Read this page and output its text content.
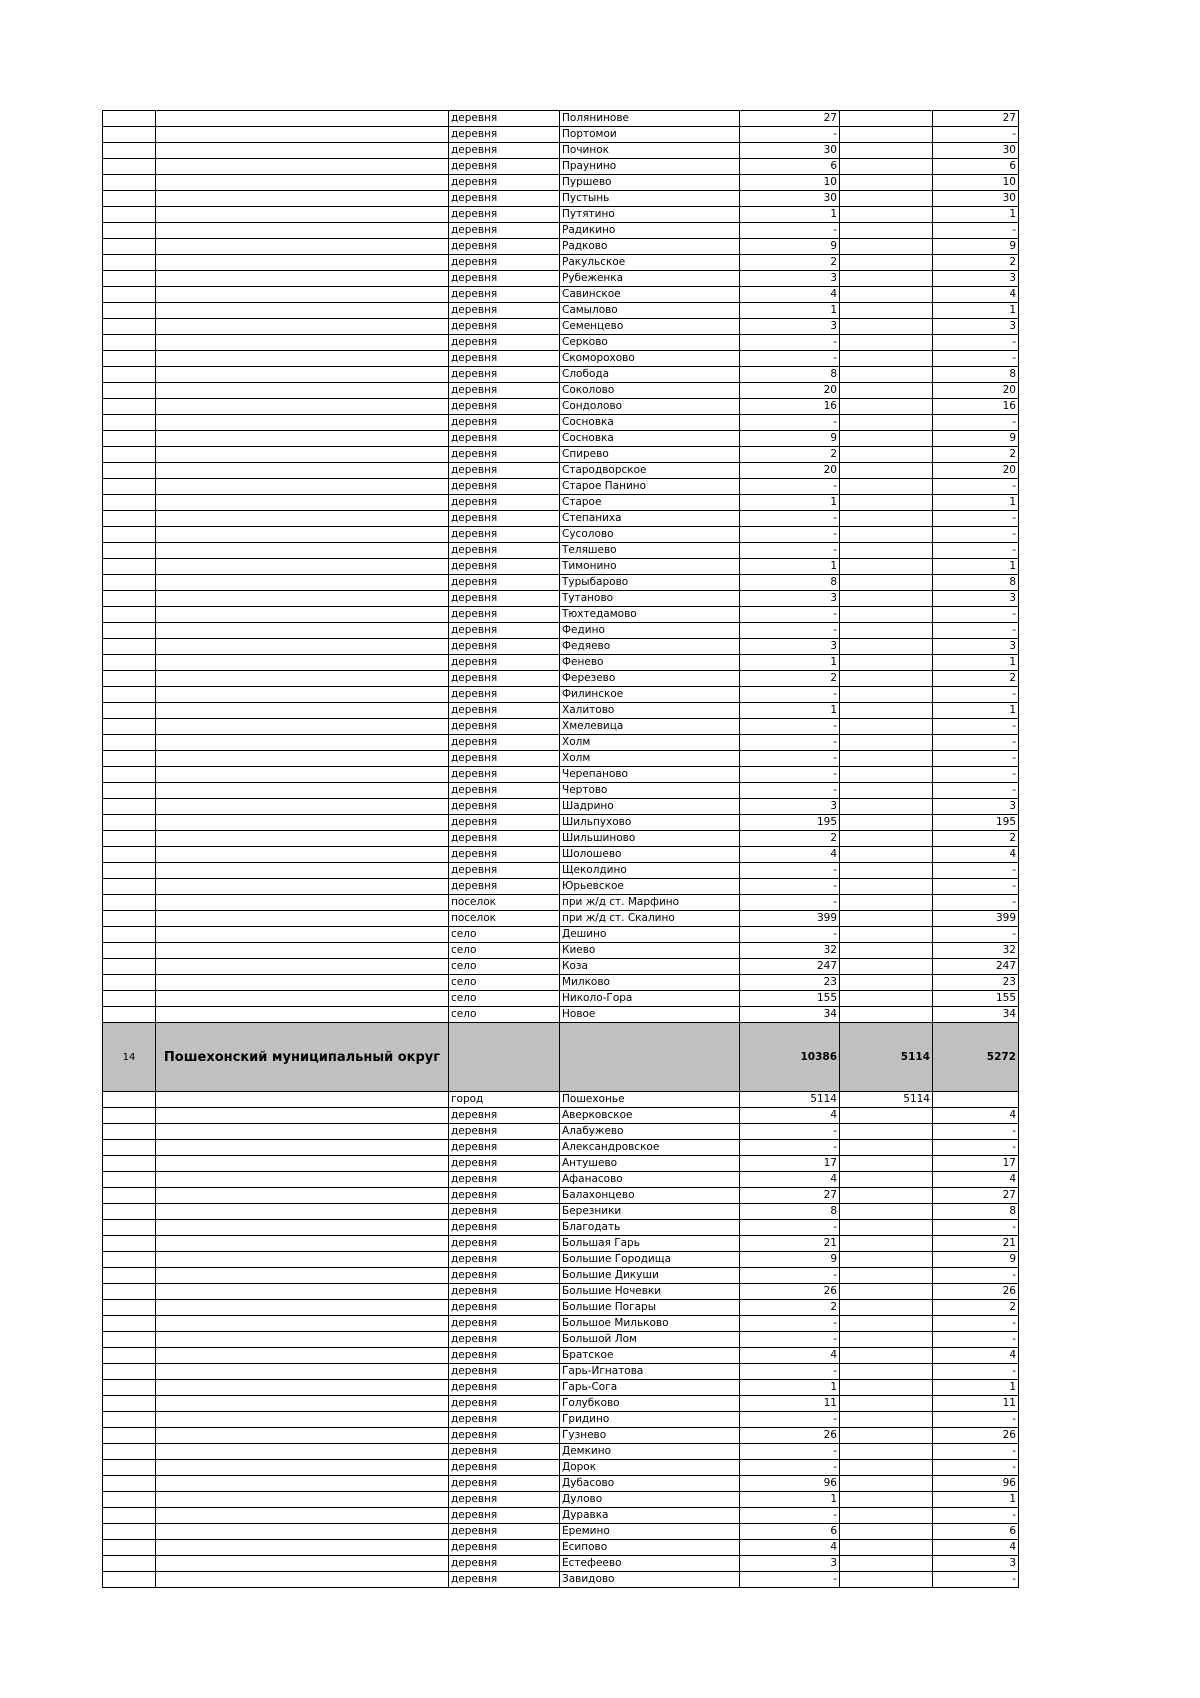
		деревня	Полянинове	27		27
		деревня	Портомои	-		-
		деревня	Починок	30		30
		деревня	Праунино	6		6
		деревня	Пуршево	10		10
		деревня	Пустынь	30		30
		деревня	Путятино	1		1
		деревня	Радикино	-		-
		деревня	Радково	9		9
		деревня	Ракульское	2		2
		деревня	Рубеженка	3		3
		деревня	Савинское	4		4
		деревня	Самылово	1		1
		деревня	Семенцево	3		3
		деревня	Серково	-		-
		деревня	Скоморохово	-		-
		деревня	Слобода	8		8
		деревня	Соколово	20		20
		деревня	Сондолово	16		16
		деревня	Сосновка	-		-
		деревня	Сосновка	9		9
		деревня	Спирево	2		2
		деревня	Стародворское	20		20
		деревня	Старое Панино	-		-
		деревня	Старое	1		1
		деревня	Степаниха	-		-
		деревня	Сусолово	-		-
		деревня	Теляшево	-		-
		деревня	Тимонино	1		1
		деревня	Турыбарово	8		8
		деревня	Тутаново	3		3
		деревня	Тюхтедамово	-		-
		деревня	Федино	-		-
		деревня	Федяево	3		3
		деревня	Фенево	1		1
		деревня	Ферезево	2		2
		деревня	Филинское	-		-
		деревня	Халитово	1		1
		деревня	Хмелевица	-		-
		деревня	Холм	-		-
		деревня	Холм	-		-
		деревня	Черепаново	-		-
		деревня	Чертово	-		-
		деревня	Шадрино	3		3
		деревня	Шильпухово	195		195
		деревня	Шильшиново	2		2
		деревня	Шолошево	4		4
		деревня	Щеколдино	-		-
		деревня	Юрьевское	-		-
		поселок	при ж/д ст. Марфино	-		-
		поселок	при ж/д ст. Скалино	399		399
		село	Дешино	-		-
		село	Киево	32		32
		село	Коза	247		247
		село	Милково	23		23
		село	Николо-Гора	155		155
		село	Новое	34		34
14	Пошехонский муниципальный округ			10386	5114	5272
		город	Пошехонье	5114	5114	
		деревня	Аверковское	4		4
		деревня	Алабужево	-		-
		деревня	Александровское	-		-
		деревня	Антушево	17		17
		деревня	Афанасово	4		4
		деревня	Балахонцево	27		27
		деревня	Березники	8		8
		деревня	Благодать	-		-
		деревня	Большая Гарь	21		21
		деревня	Большие Городища	9		9
		деревня	Большие Дикуши	-		-
		деревня	Большие Ночевки	26		26
		деревня	Большие Погары	2		2
		деревня	Большое Мильково	-		-
		деревня	Большой Лом	-		-
		деревня	Братское	4		4
		деревня	Гарь-Игнатова	-		-
		деревня	Гарь-Сога	1		1
		деревня	Голубково	11		11
		деревня	Гридино	-		-
		деревня	Гузнево	26		26
		деревня	Демкино	-		-
		деревня	Дорок	-		-
		деревня	Дубасово	96		96
		деревня	Дулово	1		1
		деревня	Дуравка	-		-
		деревня	Еремино	6		6
		деревня	Есипово	4		4
		деревня	Естефеево	3		3
		деревня	Завидово	-		-
